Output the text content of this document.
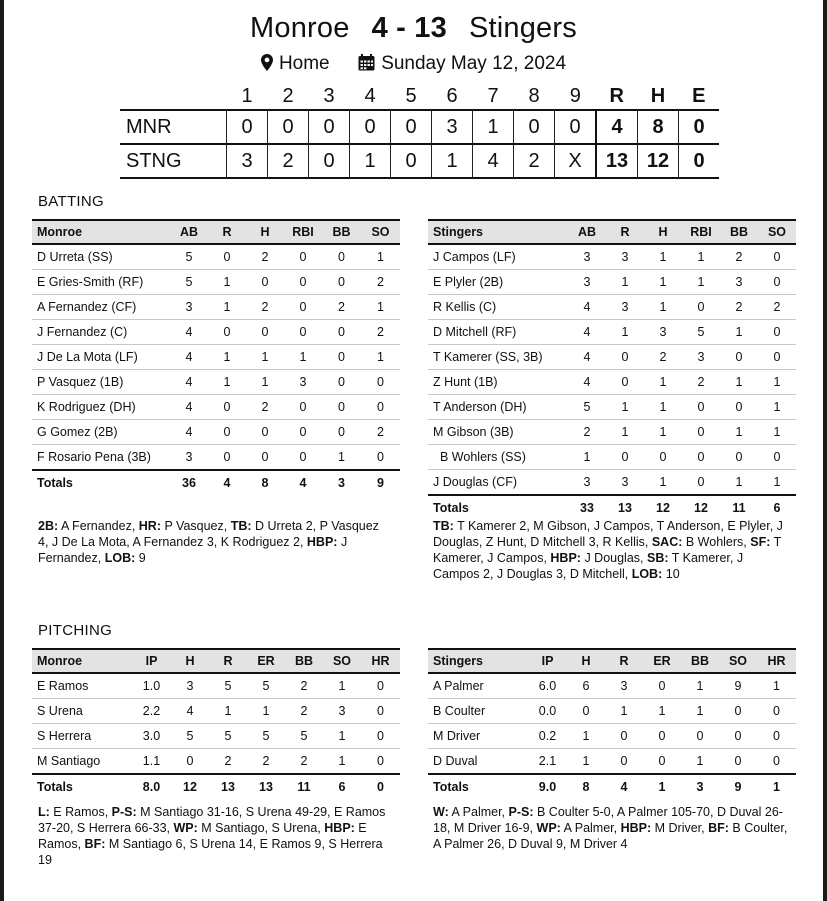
Monroe 4 - 13 Stingers
Home	Sunday May 12, 2024
	1	2	3	4	5	6	7	8	9	R	H	E
MNR	0	0	0	0	0	3	1	0	0	4	8	0
STNG	3	2	0	1	0	1	4	2	X	13	12	0
BATTING
Monroe	AB	R	H	RBI	BB	SO
D Urreta (SS)	5	0	2	0	0	1
E Gries-Smith (RF)	5	1	0	0	0	2
A Fernandez (CF)	3	1	2	0	2	1
J Fernandez (C)	4	0	0	0	0	2
J De La Mota (LF)	4	1	1	1	0	1
P Vasquez (1B)	4	1	1	3	0	0
K Rodriguez (DH)	4	0	2	0	0	0
G Gomez (2B)	4	0	0	0	0	2
F Rosario Pena (3B)	3	0	0	0	1	0
Totals	36	4	8	4	3	9
Stingers	AB	R	H	RBI	BB	SO
J Campos (LF)	3	3	1	1	2	0
E Plyler (2B)	3	1	1	1	3	0
R Kellis (C)	4	3	1	0	2	2
D Mitchell (RF)	4	1	3	5	1	0
T Kamerer (SS, 3B)	4	0	2	3	0	0
Z Hunt (1B)	4	0	1	2	1	1
T Anderson (DH)	5	1	1	0	0	1
M Gibson (3B)	2	1	1	0	1	1
B Wohlers (SS)	1	0	0	0	0	0
J Douglas (CF)	3	3	1	0	1	1
Totals	33	13	12	12	11	6
2B: A Fernandez, HR: P Vasquez, TB: D Urreta 2, P Vasquez 4, J De La Mota, A Fernandez 3, K Rodriguez 2, HBP: J Fernandez, LOB: 9
TB: T Kamerer 2, M Gibson, J Campos, T Anderson, E Plyler, J Douglas, Z Hunt, D Mitchell 3, R Kellis, SAC: B Wohlers, SF: T Kamerer, J Campos, HBP: J Douglas, SB: T Kamerer, J Campos 2, J Douglas 3, D Mitchell, LOB: 10
PITCHING
Monroe	IP	H	R	ER	BB	SO	HR
E Ramos	1.0	3	5	5	2	1	0
S Urena	2.2	4	1	1	2	3	0
S Herrera	3.0	5	5	5	5	1	0
M Santiago	1.1	0	2	2	2	1	0
Totals	8.0	12	13	13	11	6	0
Stingers	IP	H	R	ER	BB	SO	HR
A Palmer	6.0	6	3	0	1	9	1
B Coulter	0.0	0	1	1	1	0	0
M Driver	0.2	1	0	0	0	0	0
D Duval	2.1	1	0	0	1	0	0
Totals	9.0	8	4	1	3	9	1
L: E Ramos, P-S: M Santiago 31-16, S Urena 49-29, E Ramos 37-20, S Herrera 66-33, WP: M Santiago, S Urena, HBP: E Ramos, BF: M Santiago 6, S Urena 14, E Ramos 9, S Herrera 19
W: A Palmer, P-S: B Coulter 5-0, A Palmer 105-70, D Duval 26-18, M Driver 16-9, WP: A Palmer, HBP: M Driver, BF: B Coulter, A Palmer 26, D Duval 9, M Driver 4
